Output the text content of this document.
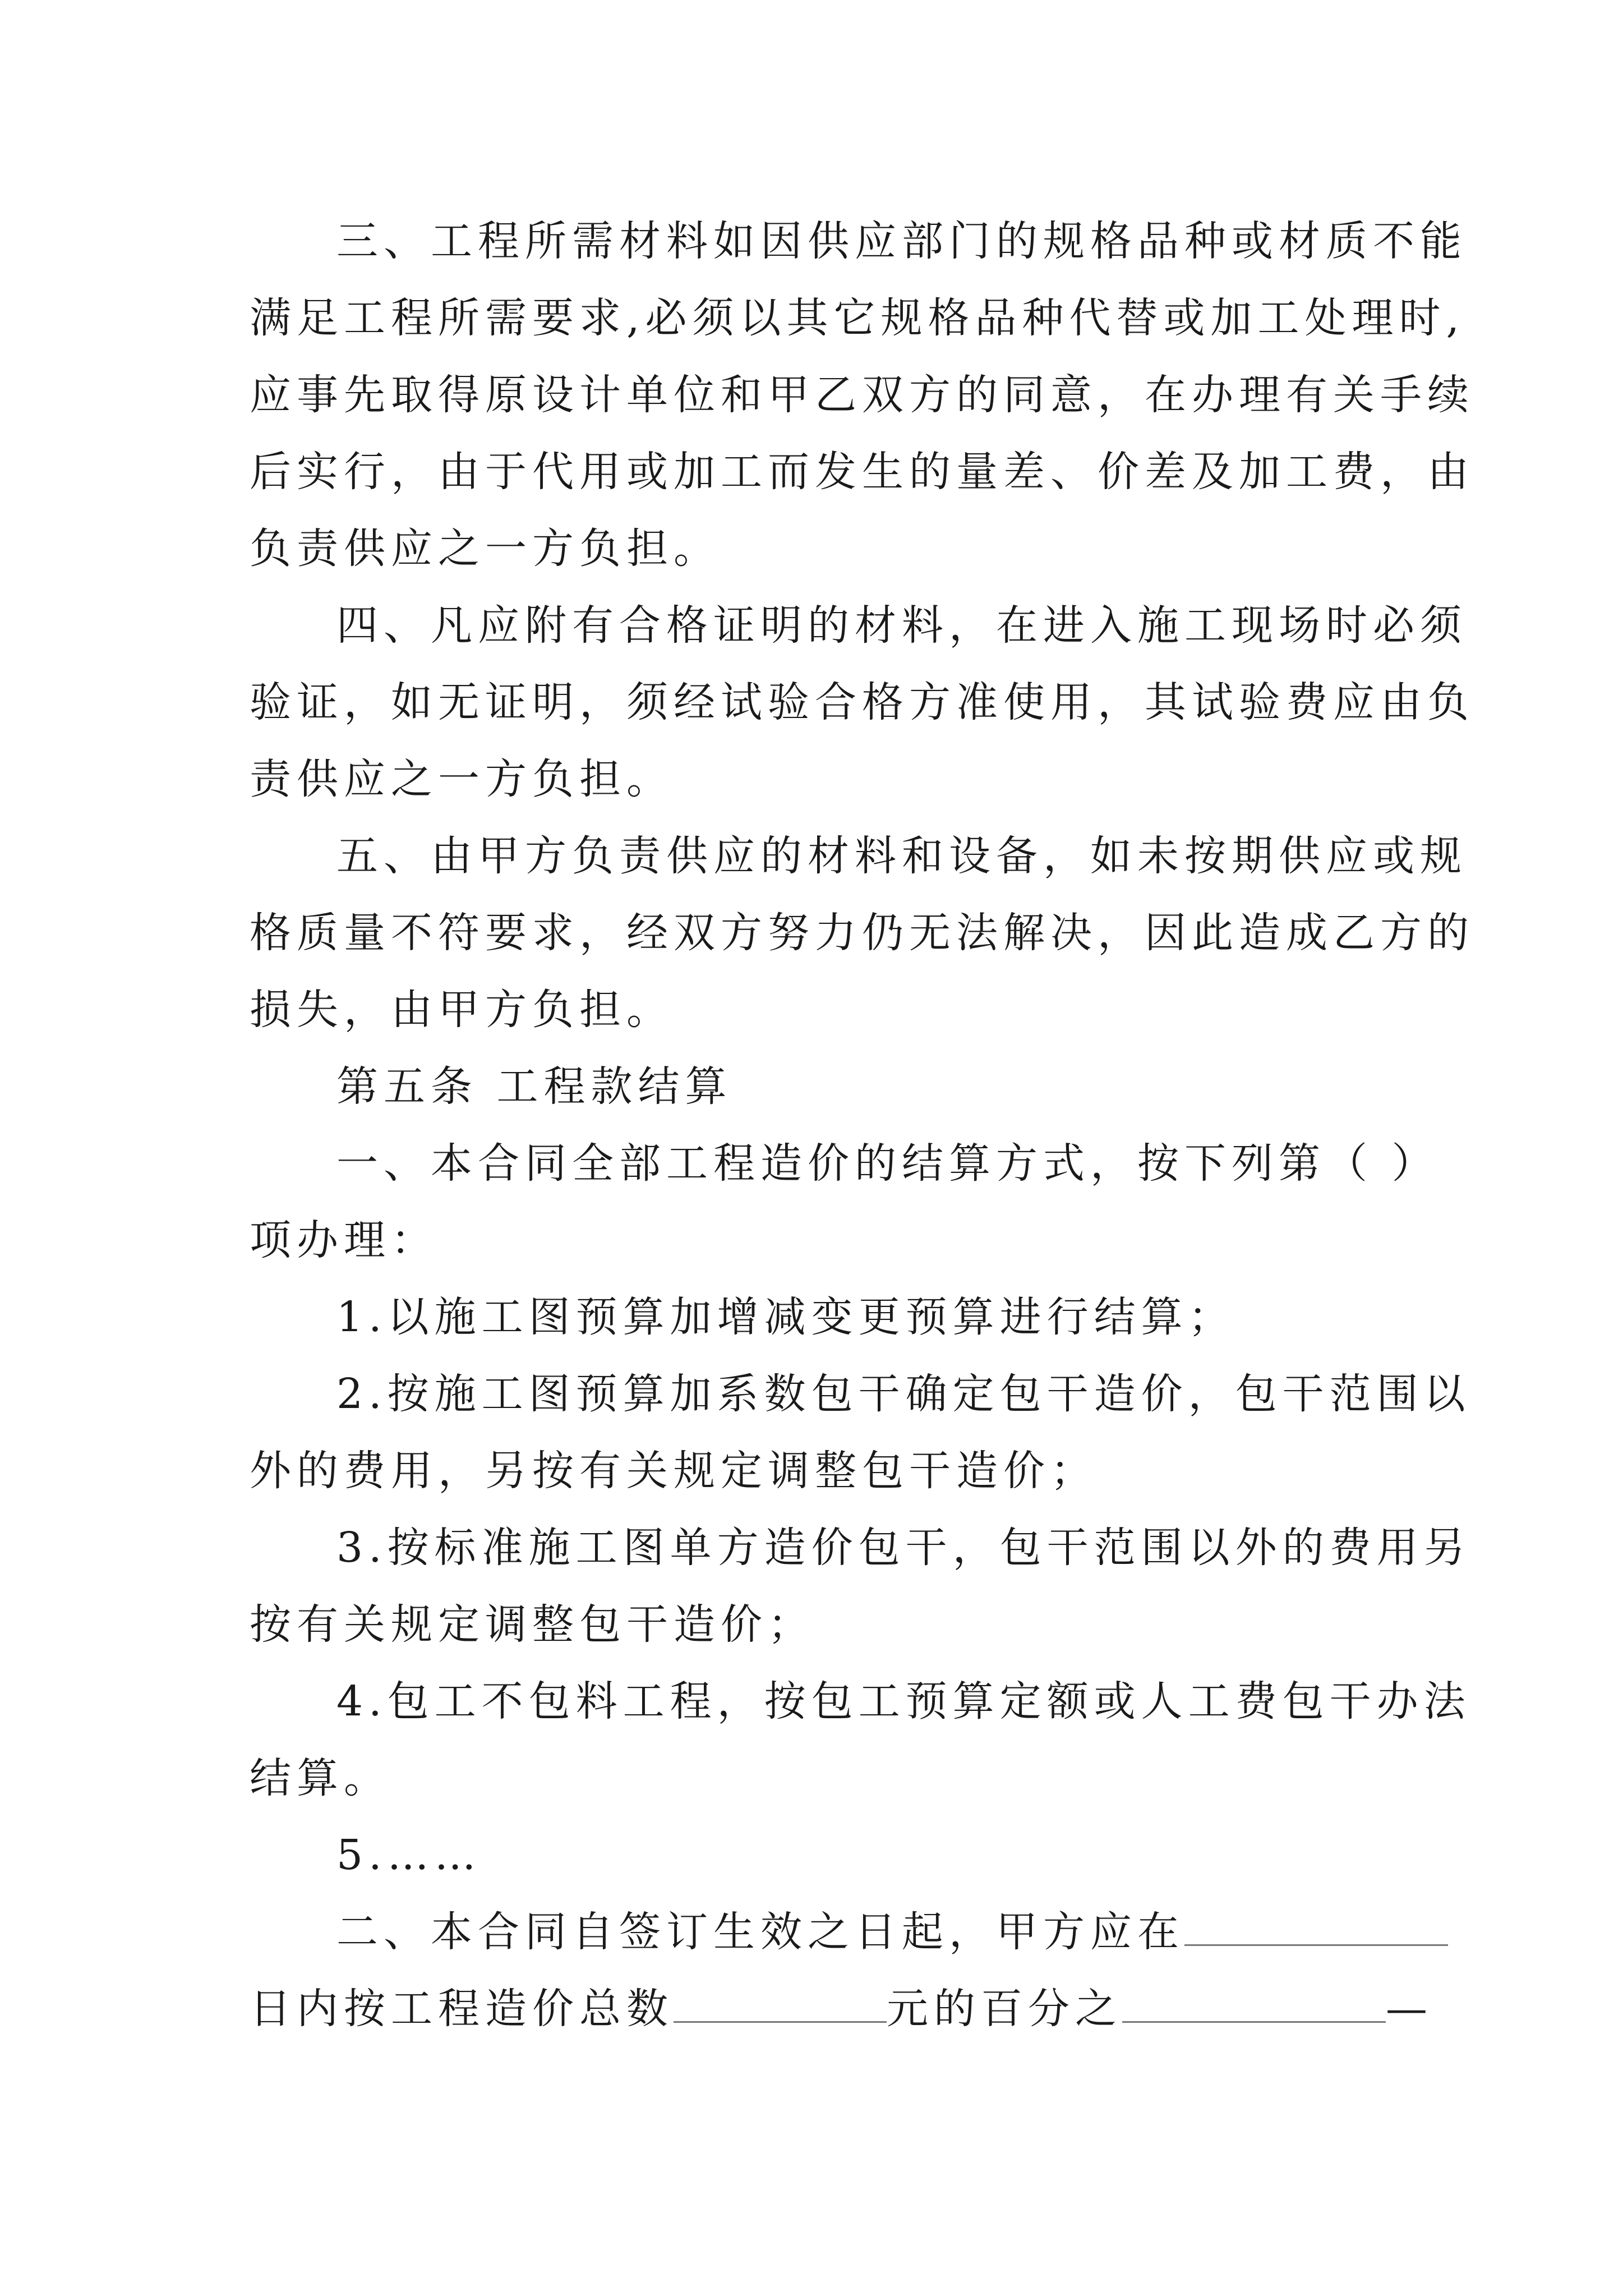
三、工程所需材料如因供应部门的规格品种或材质不能
满足工程所需要求,必须以其它规格品种代替或加工处理时,
应事先取得原设计单位和甲乙双方的同意，在办理有关手续
后实行，由于代用或加工而发生的量差、价差及加工费，由
负责供应之一方负担。
四、凡应附有合格证明的材料，在进入施工现场时必须
验证，如无证明，须经试验合格方准使用，其试验费应由负
责供应之一方负担。
五、由甲方负责供应的材料和设备，如未按期供应或规
格质量不符要求，经双方努力仍无法解决，因此造成乙方的
损失，由甲方负担。
第五条 工程款结算
一、本合同全部工程造价的结算方式，按下列第（ ）
项办理：
1.以施工图预算加增减变更预算进行结算；
2.按施工图预算加系数包干确定包干造价，包干范围以
外的费用，另按有关规定调整包干造价；
3.按标准施工图单方造价包干，包干范围以外的费用另
按有关规定调整包干造价；
4.包工不包料工程，按包工预算定额或人工费包干办法
结算。
5.……
二、本合同自签订生效之日起，甲方应在
日内按工程造价总数	元的百分之	—
